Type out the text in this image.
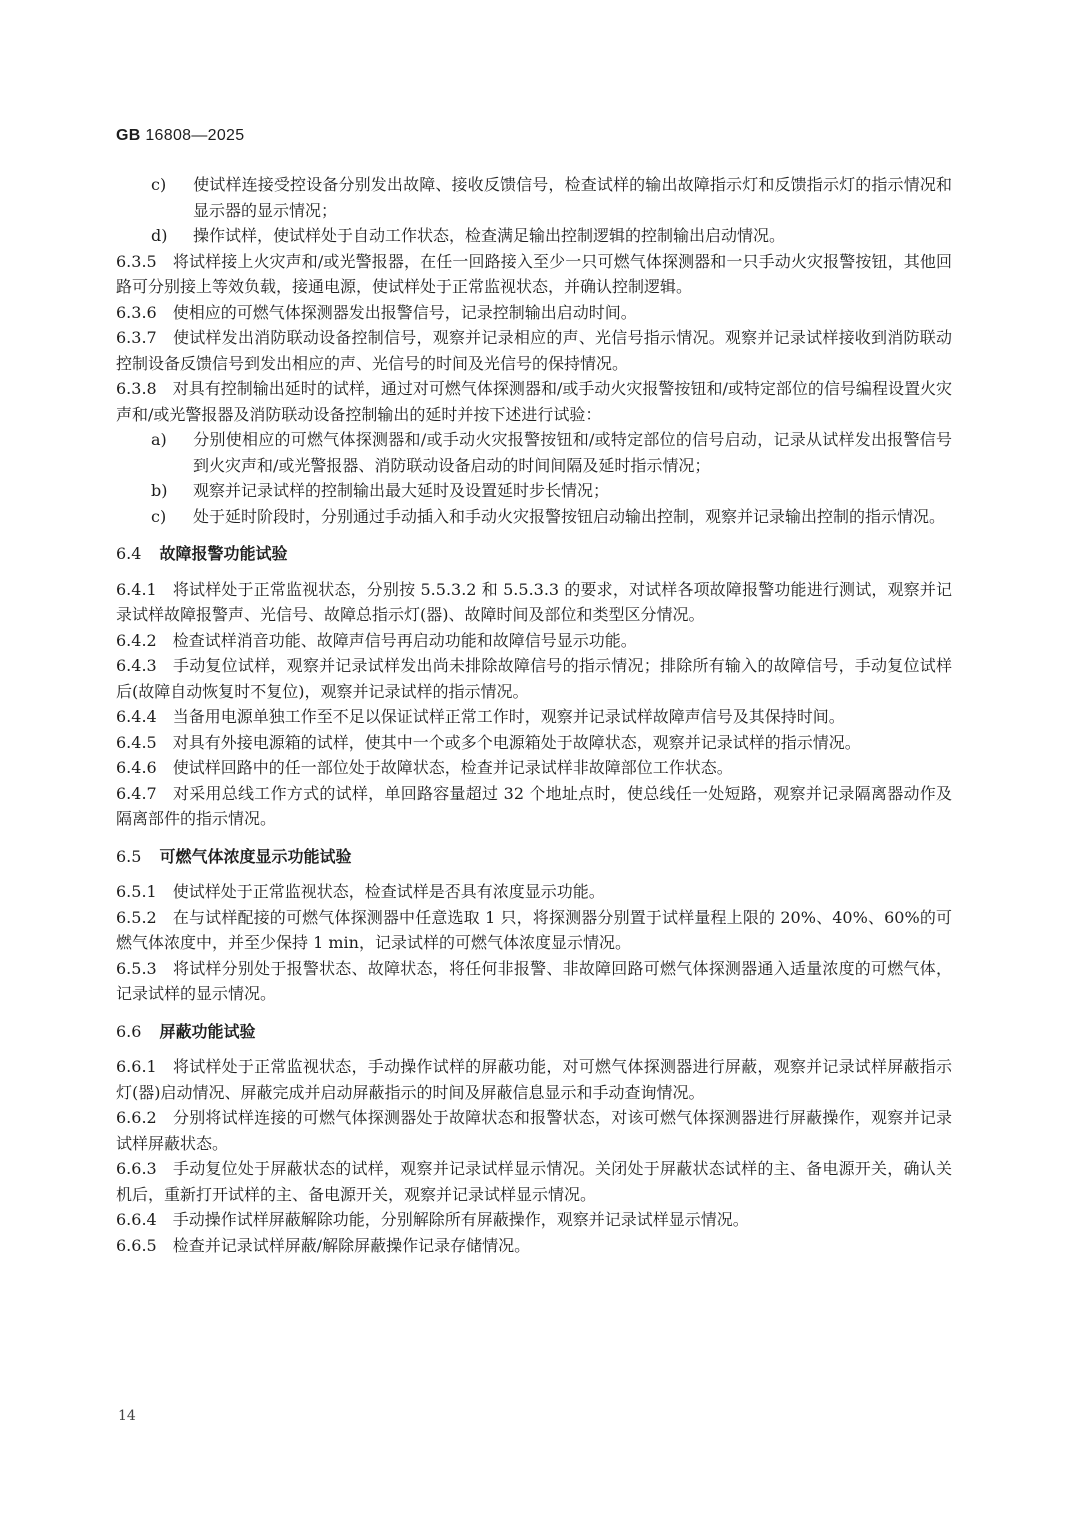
GB 16808—2025

c) 使试样连接受控设备分别发出故障、接收反馈信号，检查试样的输出故障指示灯和反馈指示灯的指示情况和显示器的显示情况；

d) 操作试样，使试样处于自动工作状态，检查满足输出控制逻辑的控制输出启动情况。

6.3.5 将试样接上火灾声和/或光警报器，在任一回路接入至少一只可燃气体探测器和一只手动火灾报警按钮，其他回路可分别接上等效负载，接通电源，使试样处于正常监视状态，并确认控制逻辑。

6.3.6 使相应的可燃气体探测器发出报警信号，记录控制输出启动时间。

6.3.7 使试样发出消防联动设备控制信号，观察并记录相应的声、光信号指示情况。观察并记录试样接收到消防联动控制设备反馈信号到发出相应的声、光信号的时间及光信号的保持情况。

6.3.8 对具有控制输出延时的试样，通过对可燃气体探测器和/或手动火灾报警按钮和/或特定部位的信号编程设置火灾声和/或光警报器及消防联动设备控制输出的延时并按下述进行试验：

a) 分别使相应的可燃气体探测器和/或手动火灾报警按钮和/或特定部位的信号启动，记录从试样发出报警信号到火灾声和/或光警报器、消防联动设备启动的时间间隔及延时指示情况；

b) 观察并记录试样的控制输出最大延时及设置延时步长情况；

c) 处于延时阶段时，分别通过手动插入和手动火灾报警按钮启动输出控制，观察并记录输出控制的指示情况。

6.4 故障报警功能试验

6.4.1 将试样处于正常监视状态，分别按 5.5.3.2 和 5.5.3.3 的要求，对试样各项故障报警功能进行测试，观察并记录试样故障报警声、光信号、故障总指示灯(器)、故障时间及部位和类型区分情况。

6.4.2 检查试样消音功能、故障声信号再启动功能和故障信号显示功能。

6.4.3 手动复位试样，观察并记录试样发出尚未排除故障信号的指示情况；排除所有输入的故障信号，手动复位试样后(故障自动恢复时不复位)，观察并记录试样的指示情况。

6.4.4 当备用电源单独工作至不足以保证试样正常工作时，观察并记录试样故障声信号及其保持时间。

6.4.5 对具有外接电源箱的试样，使其中一个或多个电源箱处于故障状态，观察并记录试样的指示情况。

6.4.6 使试样回路中的任一部位处于故障状态，检查并记录试样非故障部位工作状态。

6.4.7 对采用总线工作方式的试样，单回路容量超过 32 个地址点时，使总线任一处短路，观察并记录隔离器动作及隔离部件的指示情况。

6.5 可燃气体浓度显示功能试验

6.5.1 使试样处于正常监视状态，检查试样是否具有浓度显示功能。

6.5.2 在与试样配接的可燃气体探测器中任意选取 1 只，将探测器分别置于试样量程上限的 20%、40%、60%的可燃气体浓度中，并至少保持 1 min，记录试样的可燃气体浓度显示情况。

6.5.3 将试样分别处于报警状态、故障状态，将任何非报警、非故障回路可燃气体探测器通入适量浓度的可燃气体，记录试样的显示情况。

6.6 屏蔽功能试验

6.6.1 将试样处于正常监视状态，手动操作试样的屏蔽功能，对可燃气体探测器进行屏蔽，观察并记录试样屏蔽指示灯(器)启动情况、屏蔽完成并启动屏蔽指示的时间及屏蔽信息显示和手动查询情况。

6.6.2 分别将试样连接的可燃气体探测器处于故障状态和报警状态，对该可燃气体探测器进行屏蔽操作，观察并记录试样屏蔽状态。

6.6.3 手动复位处于屏蔽状态的试样，观察并记录试样显示情况。关闭处于屏蔽状态试样的主、备电源开关，确认关机后，重新打开试样的主、备电源开关，观察并记录试样显示情况。

6.6.4 手动操作试样屏蔽解除功能，分别解除所有屏蔽操作，观察并记录试样显示情况。

6.6.5 检查并记录试样屏蔽/解除屏蔽操作记录存储情况。

14
